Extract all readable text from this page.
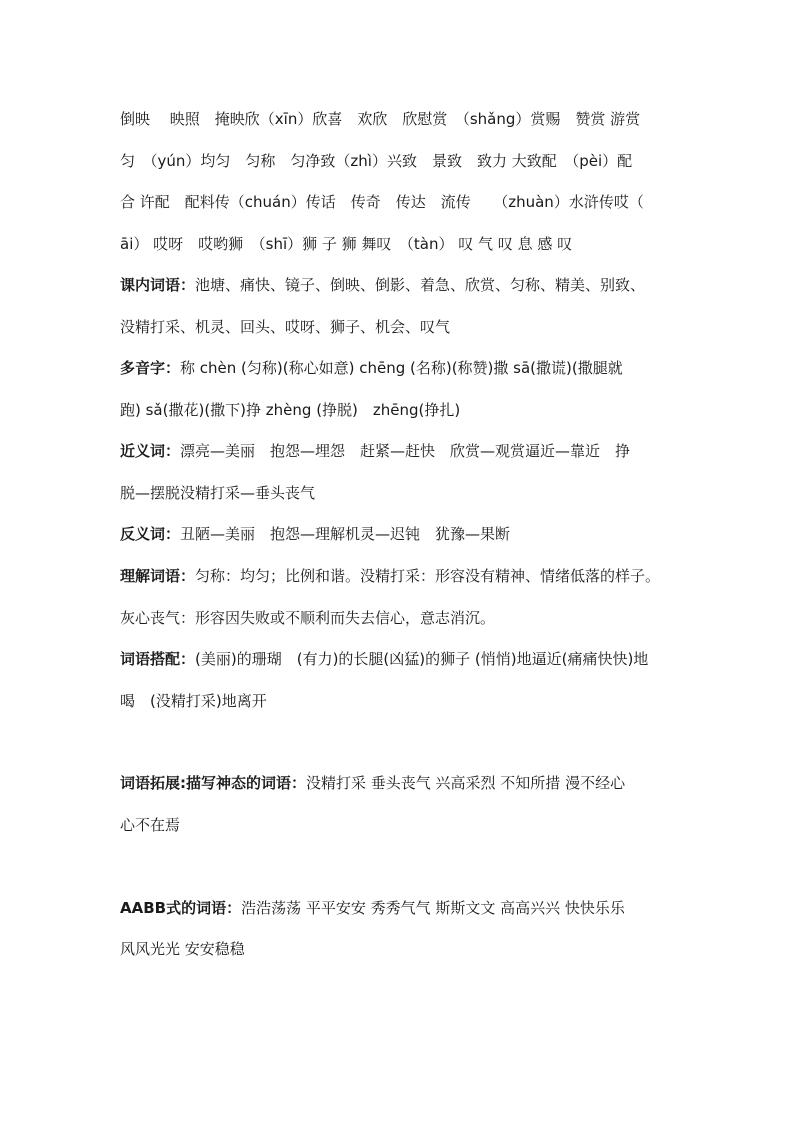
倒映　 映照　掩映欣（xīn）欣喜　欢欣　欣慰赏　（shǎng）赏赐　赞赏 游赏
匀　（yún）均匀　匀称　匀净致（zhì）兴致　景致　致力 大致配　（pèi）配
合 许配　配料传（chuán）传话　传奇　传达　流传　　（zhuàn）水浒传哎（
āi） 哎呀　哎哟狮　（shī）狮 子 狮 舞叹　（tàn） 叹 气 叹 息 感 叹
课内词语：池塘、痛快、镜子、倒映、倒影、着急、欣赏、匀称、精美、别致、
没精打采、机灵、回头、哎呀、狮子、机会、叹气
多音字：称 chèn (匀称)(称心如意) chēng (名称)(称赞)撒 sā(撒谎)(撒腿就
跑) sǎ(撒花)(撒下)挣 zhèng (挣脱)　zhēng(挣扎)
近义词：漂亮—美丽　抱怨—埋怨　赶紧—赶快　欣赏—观赏逼近—靠近　挣
脱—摆脱没精打采—垂头丧气
反义词：丑陋—美丽　抱怨—理解机灵—迟钝　犹豫—果断
理解词语：匀称：均匀；比例和谐。没精打采：形容没有精神、情绪低落的样子。
灰心丧气：形容因失败或不顺利而失去信心，意志消沉。
词语搭配：(美丽)的珊瑚　(有力)的长腿(凶猛)的狮子 (悄悄)地逼近(痛痛快快)地
喝　(没精打采)地离开
词语拓展:描写神态的词语：没精打采 垂头丧气 兴高采烈 不知所措 漫不经心
心不在焉
AABB式的词语：浩浩荡荡 平平安安 秀秀气气 斯斯文文 高高兴兴 快快乐乐
风风光光 安安稳稳
